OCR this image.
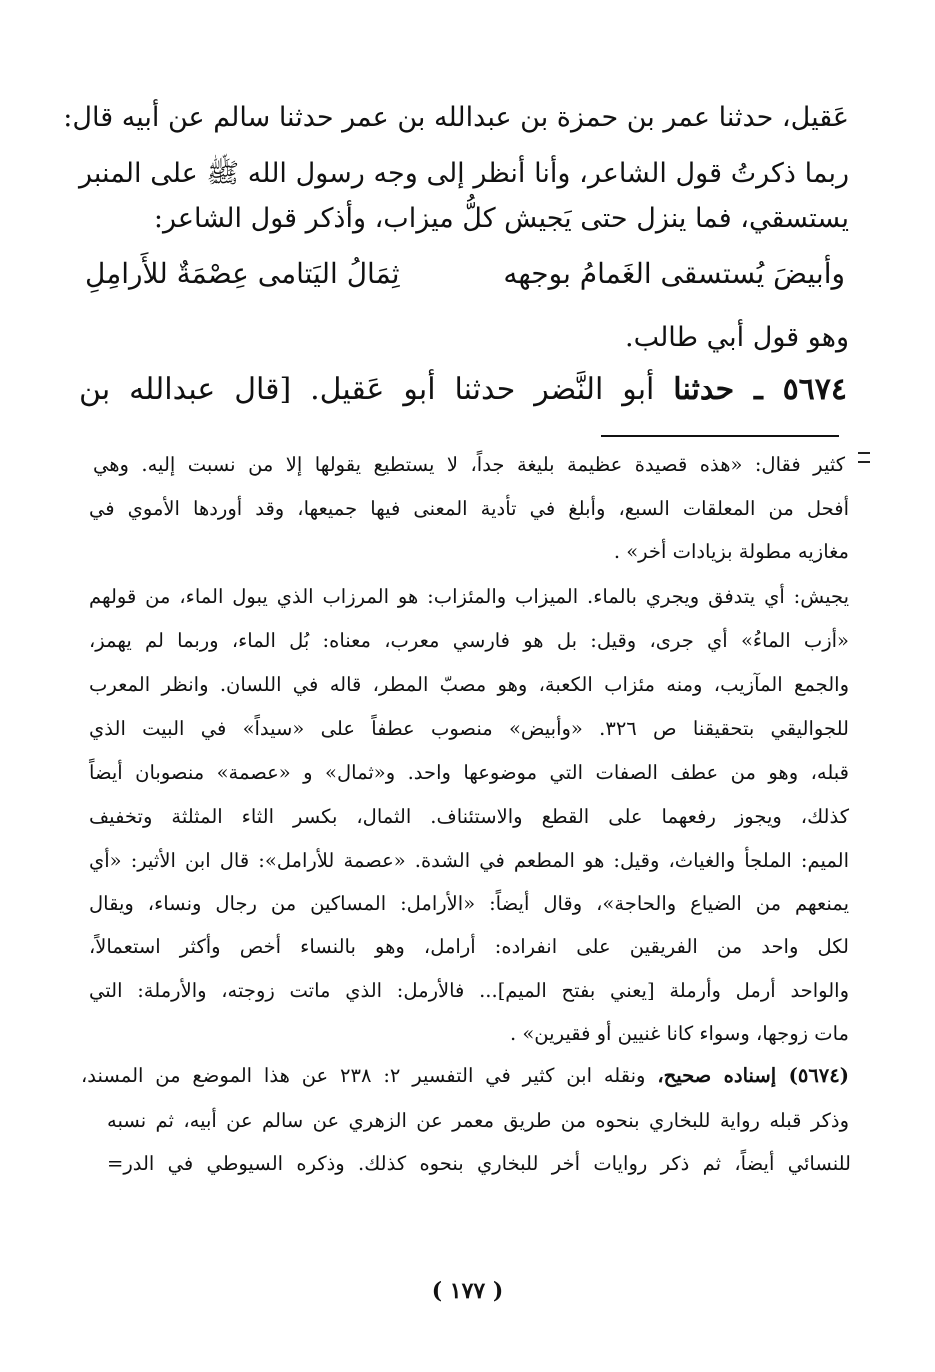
عَقيل، حدثنا عمر بن حمزة بن عبدالله بن عمر حدثنا سالم عن أبيه قال:
ربما ذكرتُ قول الشاعر، وأنا أنظر إلى وجه رسول الله ﷺ على المنبر
يستسقي، فما ينزل حتى يَجيش كلُّ ميزاب، وأذكر قول الشاعر:
وأبيضَ يُستسقى الغَمامُ بوجهه
ثِمَالُ اليَتامى عِصْمَةٌ للأَرامِلِ
وهو قول أبي طالب.
٥٦٧٤ ـ حدثنا أبو النَّضر حدثنا أبو عَقيل. [قال عبدالله بن
كثير فقال: «هذه قصيدة عظيمة بليغة جداً، لا يستطيع يقولها إلا من نسبت إليه. وهي
أفحل من المعلقات السبع، وأبلغ في تأدية المعنى فيها جميعها، وقد أوردها الأموي في
مغازيه مطولة بزيادات أخر» .
يجيش: أي يتدفق ويجري بالماء. الميزاب والمئزاب: هو المرزاب الذي يبول الماء، من قولهم
«أزب الماءُ» أي جرى، وقيل: بل هو فارسي معرب، معناه: بُل الماء، وربما لم يهمز،
والجمع المآزيب، ومنه مئزاب الكعبة، وهو مصبّ المطر، قاله في اللسان. وانظر المعرب
للجواليقي بتحقيقنا ص ٣٢٦. «وأبيض» منصوب عطفاً على «سيداً» في البيت الذي
قبله، وهو من عطف الصفات التي موضوعها واحد. و«ثمال» و «عصمة» منصوبان أيضاً
كذلك، ويجوز رفعهما على القطع والاستئناف. الثمال، بكسر الثاء المثلثة وتخفيف
الميم: الملجأ والغياث، وقيل: هو المطعم في الشدة. «عصمة للأرامل»: قال ابن الأثير: «أي
يمنعهم من الضياع والحاجة»، وقال أيضاً: «الأرامل: المساكين من رجال ونساء، ويقال
لكل واحد من الفريقين على انفراده: أرامل، وهو بالنساء أخص وأكثر استعمالاً،
والواحد أرمل وأرملة [يعني بفتح الميم]... فالأرمل: الذي ماتت زوجته، والأرملة: التي
مات زوجها، وسواء كانا غنيين أو فقيرين» .
(٥٦٧٤) إسناده صحيح، ونقله ابن كثير في التفسير ٢: ٢٣٨ عن هذا الموضع من المسند،
وذكر قبله رواية للبخاري بنحوه من طريق معمر عن الزهري عن سالم عن أبيه، ثم نسبه
للنسائي أيضاً، ثم ذكر روايات أخر للبخاري بنحوه كذلك. وذكره السيوطي في الدر=
( ١٧٧ )
